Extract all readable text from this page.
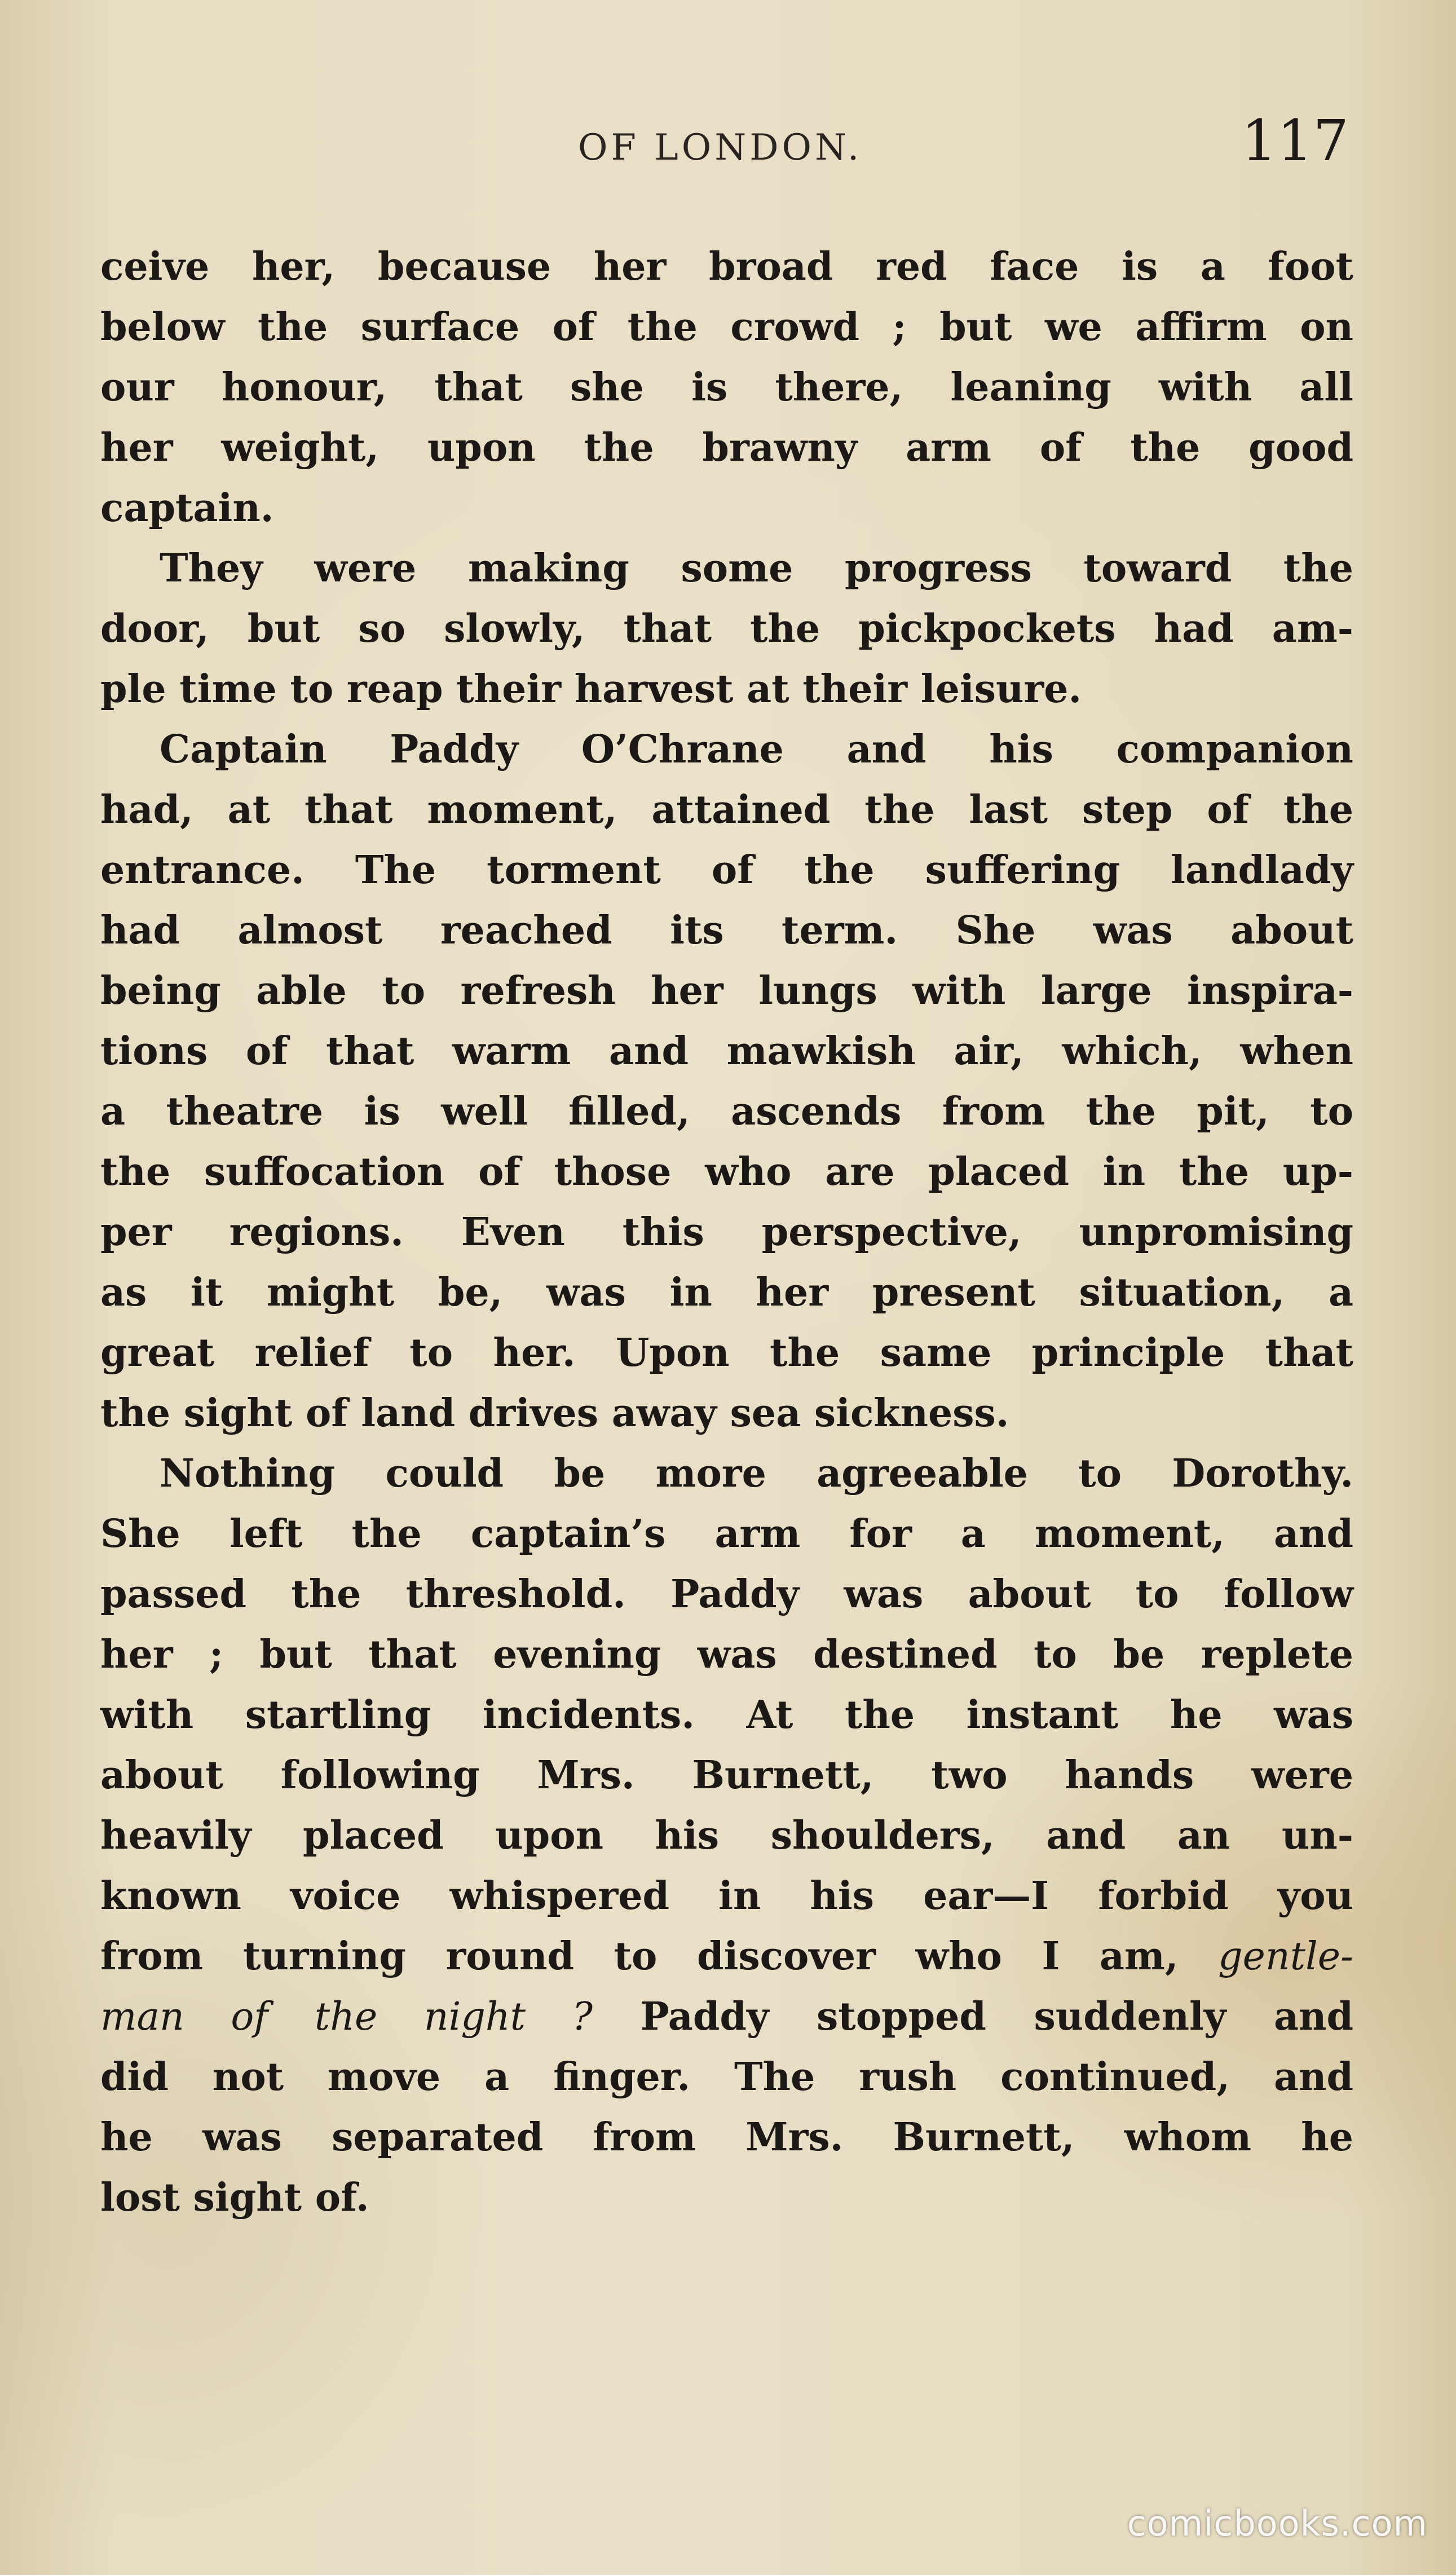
OF LONDON.	117

ceive her, because her broad red face is a foot
below the surface of the crowd ; but we affirm on
our honour, that she is there, leaning with all
her weight, upon the brawny arm of the good
captain.

They were making some progress toward the
door, but so slowly, that the pickpockets had am-
ple time to reap their harvest at their leisure.

Captain Paddy O’Chrane and his companion
had, at that moment, attained the last step of the
entrance. The torment of the suffering landlady
had almost reached its term. She was about
being able to refresh her lungs with large inspira-
tions of that warm and mawkish air, which, when
a theatre is well filled, ascends from the pit, to
the suffocation of those who are placed in the up-
per regions. Even this perspective, unpromising
as it might be, was in her present situation, a
great relief to her. Upon the same principle that
the sight of land drives away sea sickness.

Nothing could be more agreeable to Dorothy.
She left the captain’s arm for a moment, and
passed the threshold. Paddy was about to follow
her ; but that evening was destined to be replete
with startling incidents. At the instant he was
about following Mrs. Burnett, two hands were
heavily placed upon his shoulders, and an un-
known voice whispered in his ear—I forbid you
from turning round to discover who I am, gentle-
man of the night ? Paddy stopped suddenly and
did not move a finger. The rush continued, and
he was separated from Mrs. Burnett, whom he
lost sight of.

comicbooks.com
